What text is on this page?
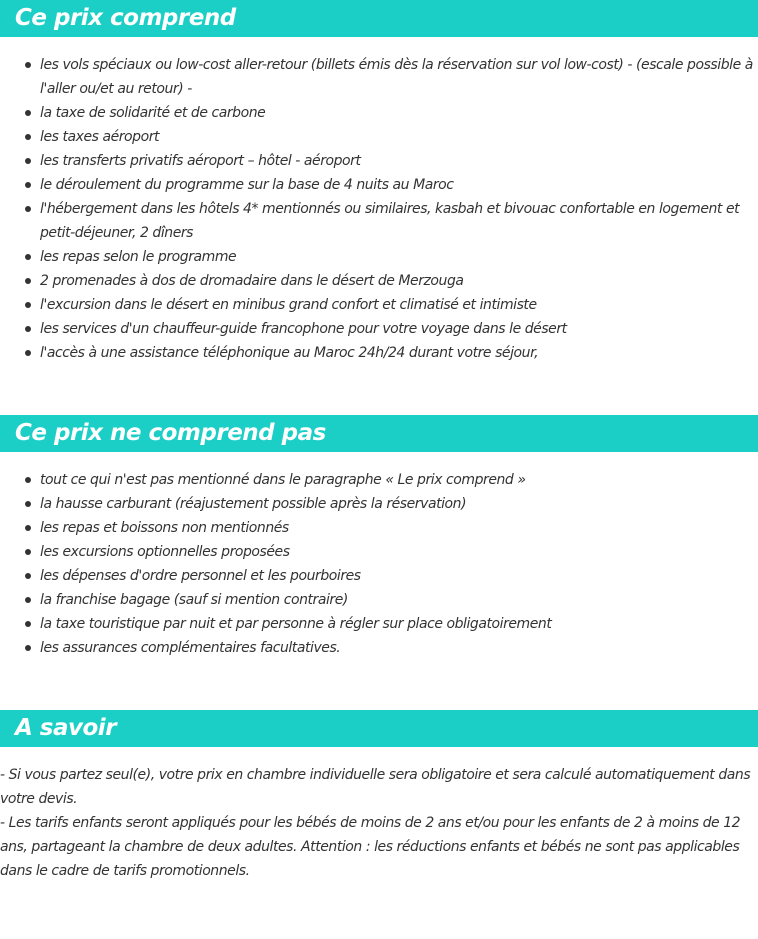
Ce prix comprend
les vols spéciaux ou low-cost aller-retour (billets émis dès la réservation sur vol low-cost) - (escale possible à l'aller ou/et au retour) -
la taxe de solidarité et de carbone
les taxes aéroport
les transferts privatifs aéroport – hôtel - aéroport
le déroulement du programme sur la base de 4 nuits au Maroc
l'hébergement dans les hôtels 4* mentionnés ou similaires, kasbah et bivouac confortable en logement et petit-déjeuner, 2 dîners
les repas selon le programme
2 promenades à dos de dromadaire dans le désert de Merzouga
l'excursion dans le désert en minibus grand confort et climatisé et intimiste
les services d'un chauffeur-guide francophone pour votre voyage dans le désert
l'accès à une assistance téléphonique au Maroc 24h/24 durant votre séjour,
Ce prix ne comprend pas
tout ce qui n'est pas mentionné dans le paragraphe « Le prix comprend »
la hausse carburant (réajustement possible après la réservation)
les repas et boissons non mentionnés
les excursions optionnelles proposées
les dépenses d'ordre personnel et les pourboires
la franchise bagage (sauf si mention contraire)
la taxe touristique par nuit et par personne à régler sur place obligatoirement
les assurances complémentaires facultatives.
A savoir

- Si vous partez seul(e), votre prix en chambre individuelle sera obligatoire et sera calculé automatiquement dans votre devis.

- Les tarifs enfants seront appliqués pour les bébés de moins de 2 ans et/ou pour les enfants de 2 à moins de 12 ans, partageant la chambre de deux adultes. Attention : les réductions enfants et bébés ne sont pas applicables dans le cadre de tarifs promotionnels.
